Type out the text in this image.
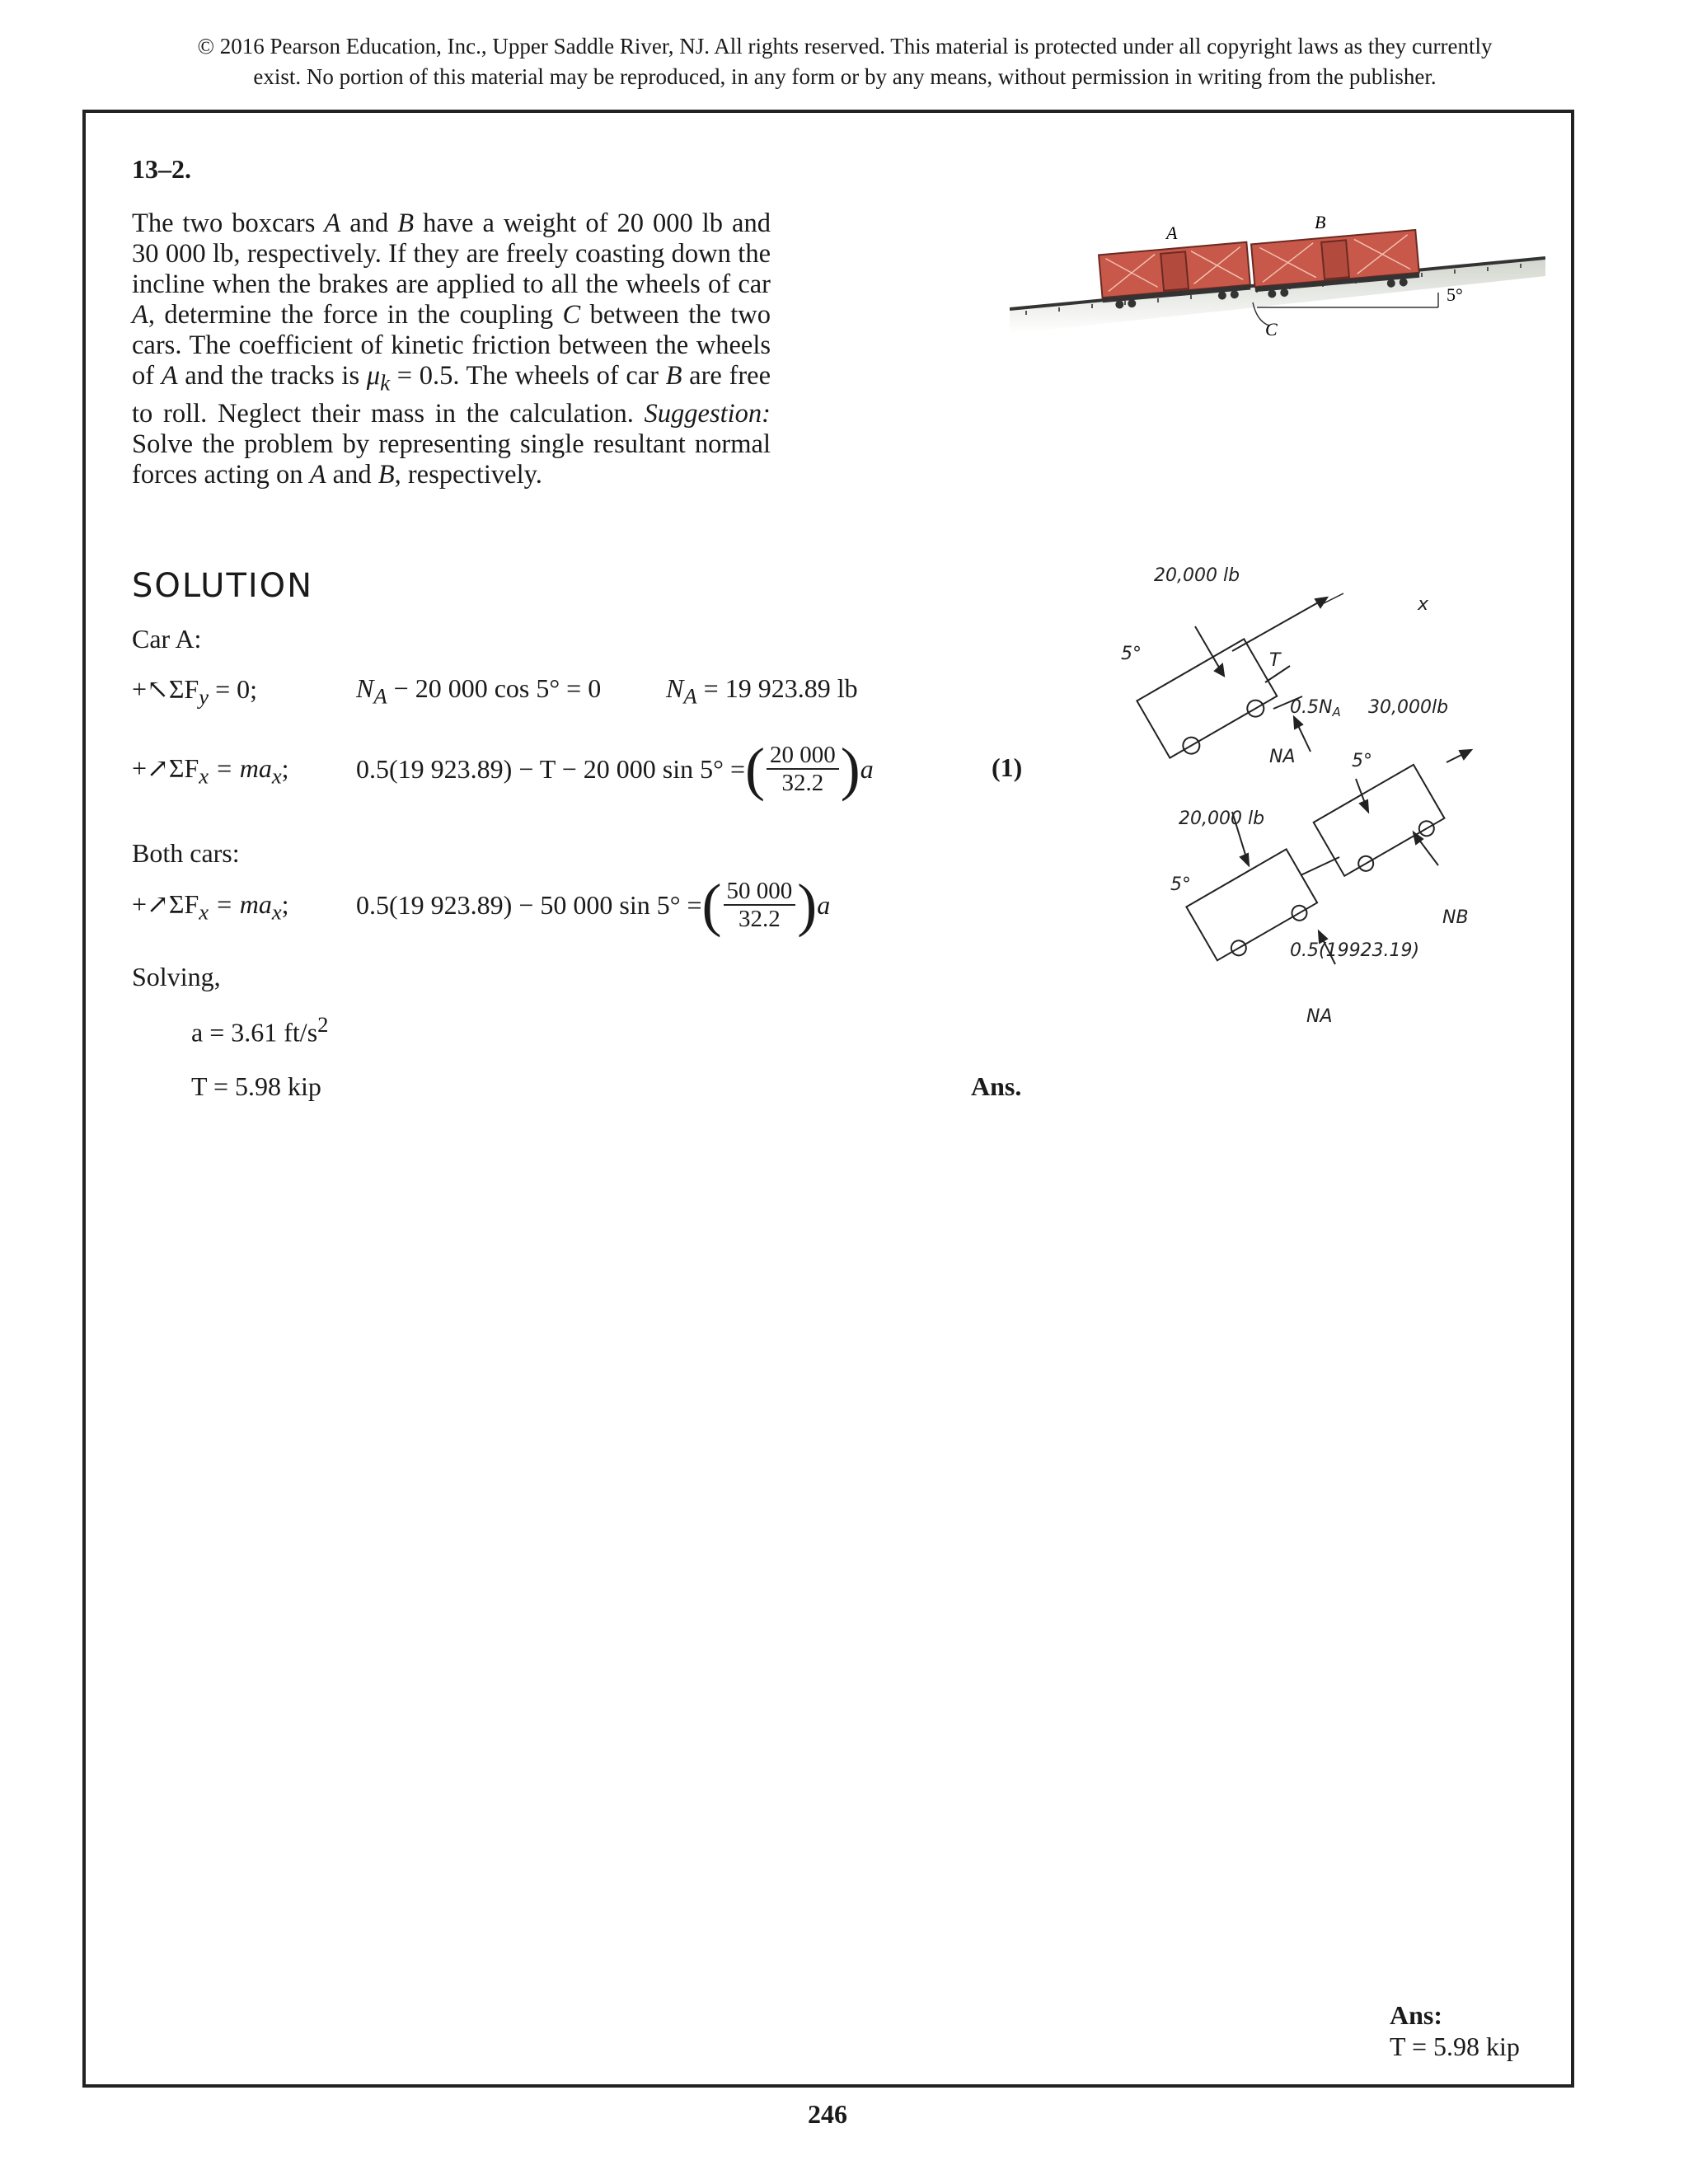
© 2016 Pearson Education, Inc., Upper Saddle River, NJ. All rights reserved. This material is protected under all copyright laws as they currently
exist. No portion of this material may be reproduced, in any form or by any means, without permission in writing from the publisher.
13–2.
The two boxcars A and B have a weight of 20 000 lb and 30 000 lb, respectively. If they are freely coasting down the incline when the brakes are applied to all the wheels of car A, determine the force in the coupling C between the two cars. The coefficient of kinetic friction between the wheels of A and the tracks is $\mu_k = 0.5$. The wheels of car B are free to roll. Neglect their mass in the calculation. Suggestion: Solve the problem by representing single resultant normal forces acting on A and B, respectively.
A
B
C
5°
SOLUTION
Car A:
$+↖\Sigma F_y = 0$;	$N_A - 20$ 000 cos 5° = 0 $N_A = 19$ 923.89 lb
$+↗\Sigma F_x = ma_x$;	0.5(19 923.89) − T − 20 000 sin 5° = ( $\frac{20 000}{32.2}$ ) a	(1)
Both cars:
$+↗\Sigma F_x = ma_x$;	0.5(19 923.89) − 50 000 sin 5° = ( $\frac{50 000}{32.2}$ ) a
Solving,
a = 3.61 $ft/s^2$
T = 5.98 kip	Ans.
20,000 lb
5°	T
0.5NA 30,000lb
NA
x
5°
20,000 lb
5°
NB
0.5(19923.19)
NA
Ans:
T = 5.98 kip
246
